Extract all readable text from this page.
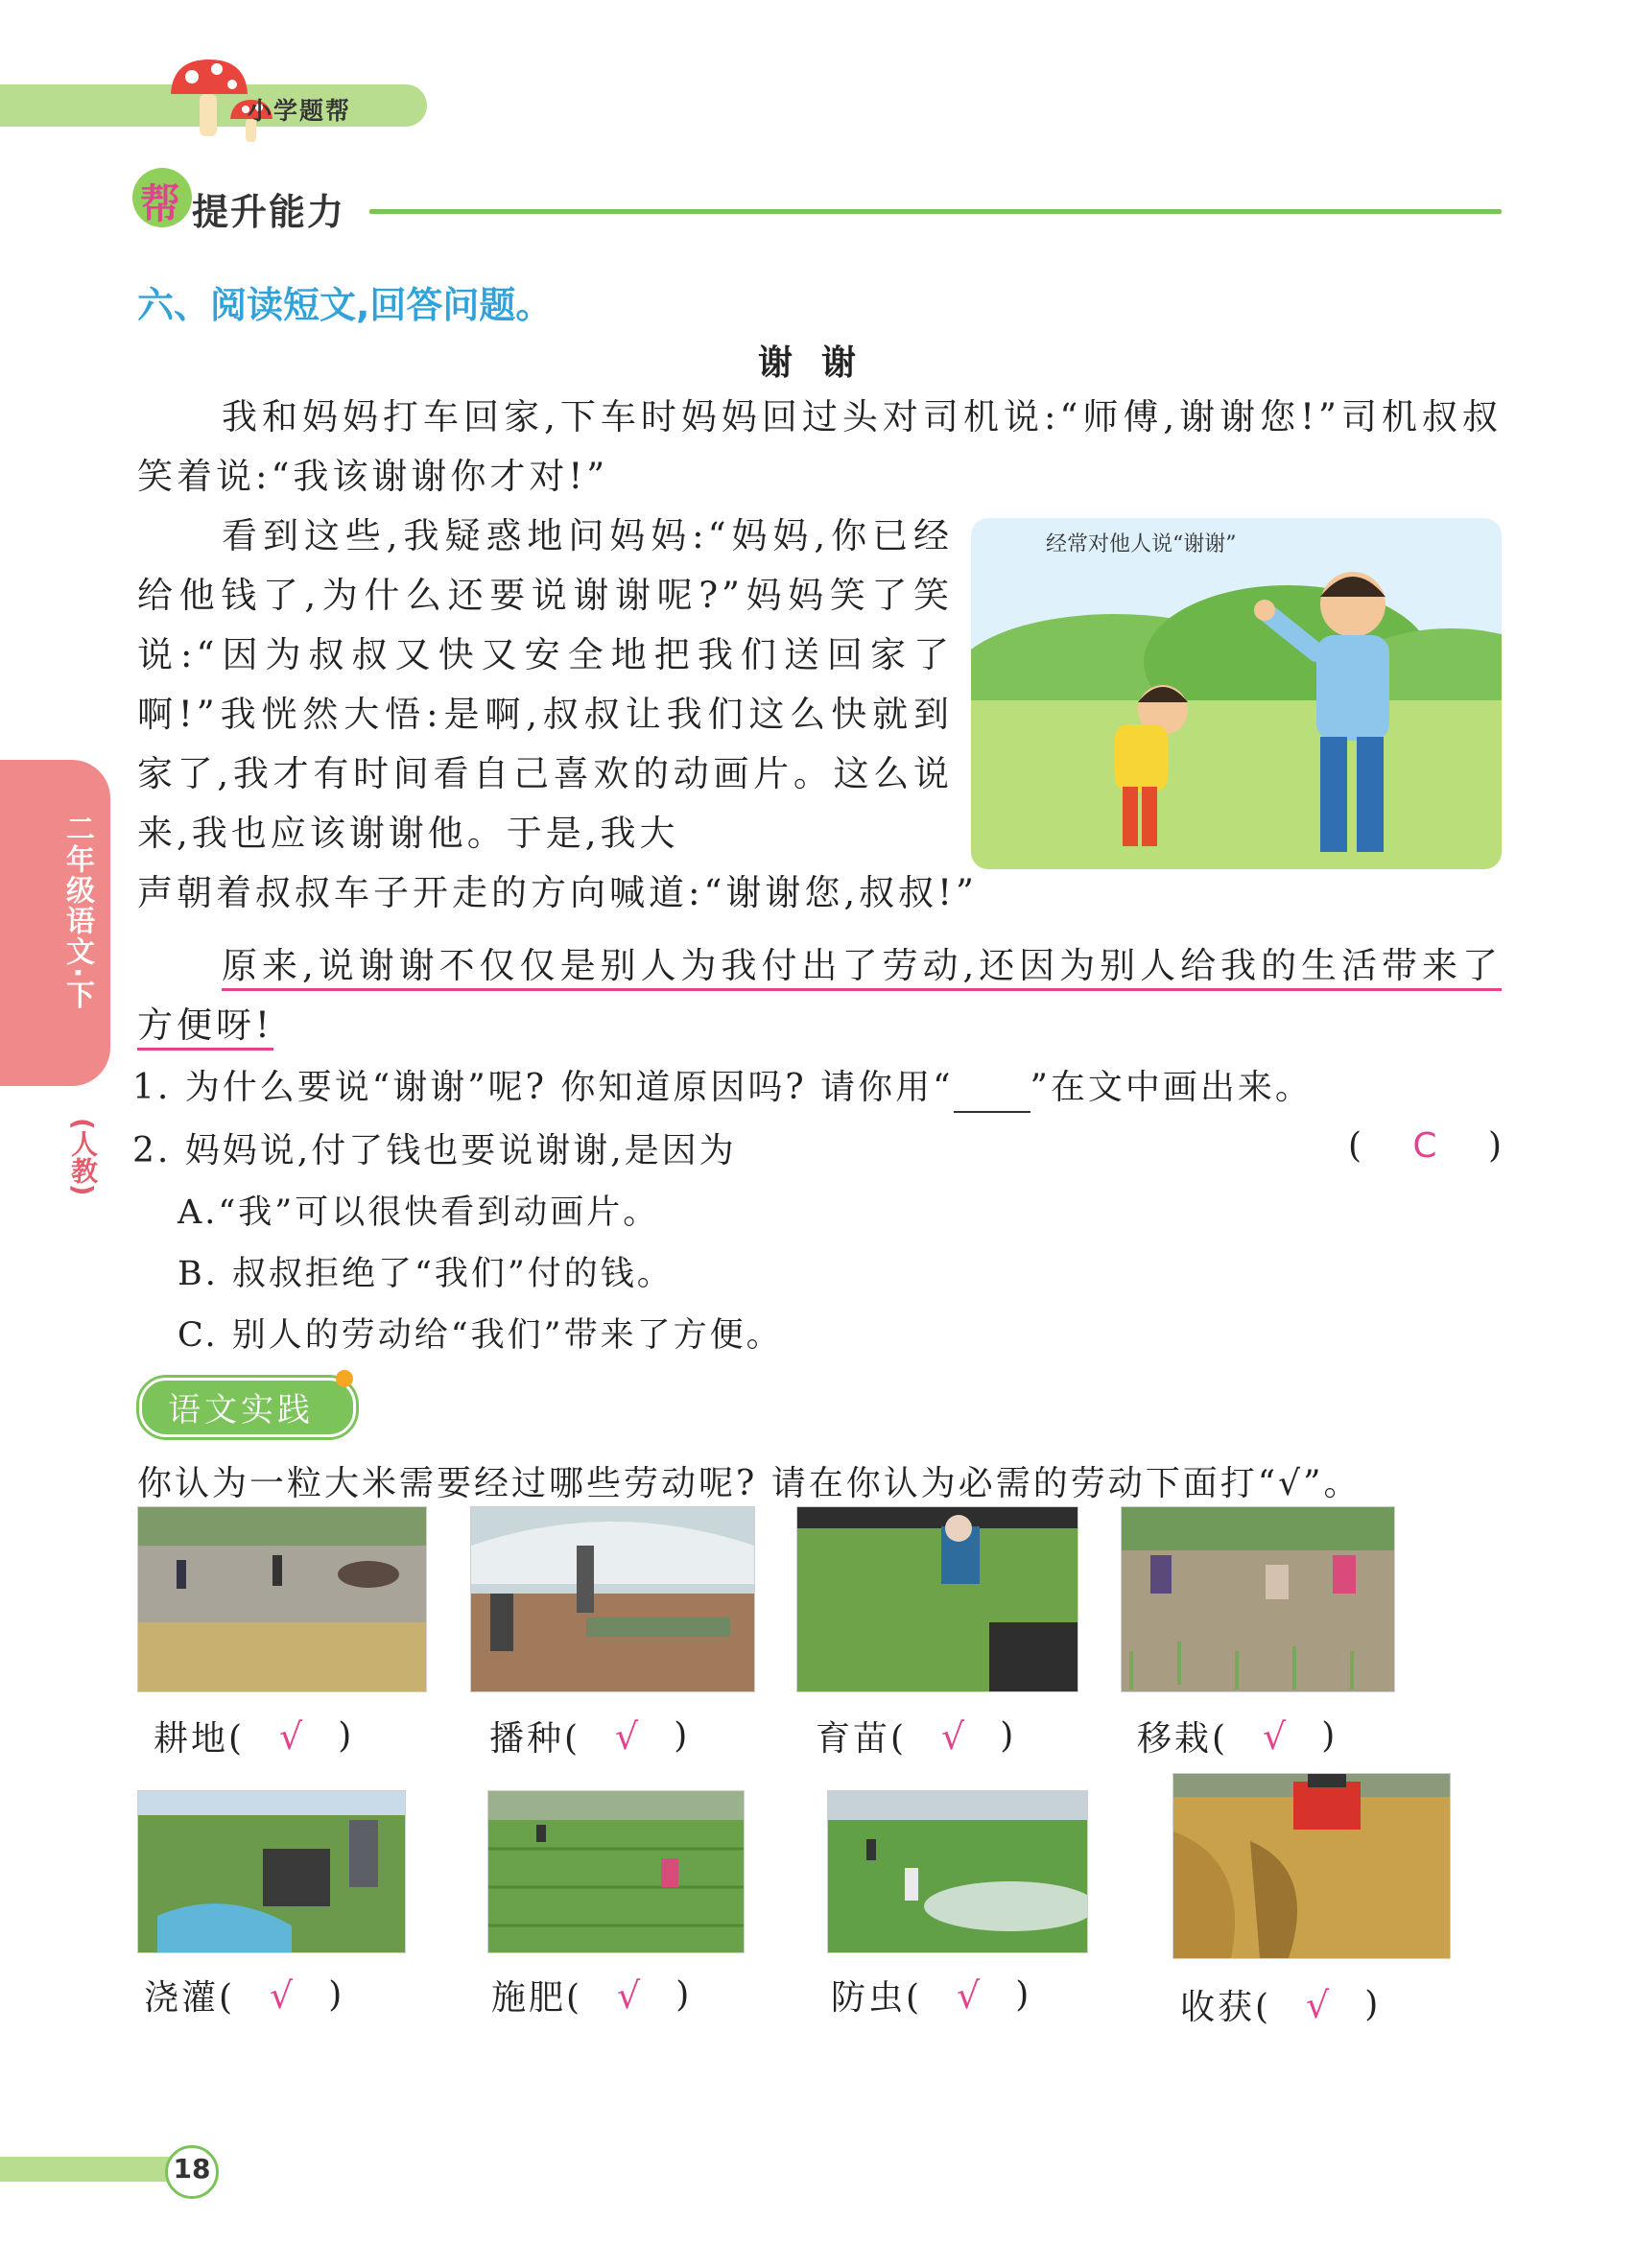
小学题帮
帮 提升能力
二年级语文·下
(人教)
六、阅读短文,回答问题。
谢谢
我和妈妈打车回家,下车时妈妈回过头对司机说:“师傅,谢谢您!”司机叔叔笑着说:“我该谢谢你才对!”
看到这些,我疑惑地问妈妈:“妈妈,你已经给他钱了,为什么还要说谢谢呢?”妈妈笑了笑说:“因为叔叔又快又安全地把我们送回家了啊!”我恍然大悟:是啊,叔叔让我们这么快就到家了,我才有时间看自己喜欢的动画片。这么说来,我也应该谢谢他。于是,我大
声朝着叔叔车子开走的方向喊道:“谢谢您,叔叔!”
原来,说谢谢不仅仅是别人为我付出了劳动,还因为别人给我的生活带来了方便呀!
经常对他人说“谢谢”
1. 为什么要说“谢谢”呢? 你知道原因吗? 请你用“ ”在文中画出来。
2. 妈妈说,付了钱也要说谢谢,是因为	( C )
A.“我”可以很快看到动画片。
B. 叔叔拒绝了“我们”付的钱。
C. 别人的劳动给“我们”带来了方便。
语文实践
你认为一粒大米需要经过哪些劳动呢? 请在你认为必需的劳动下面打“√”。
耕地( √ )	播种( √ )	育苗( √ )	移栽( √ )
浇灌( √ )	施肥( √ )	防虫( √ )	收获( √ )
18
